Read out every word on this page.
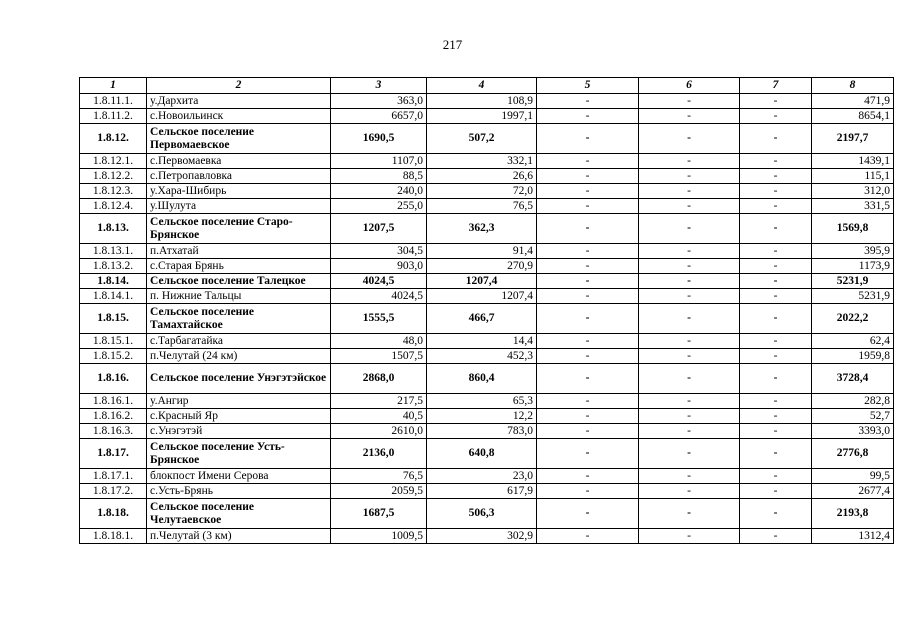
217
1	2	3	4	5	6	7	8
1.8.11.1.	у.Дархита	363,0	108,9	-	-	-	471,9
1.8.11.2.	с.Новоильинск	6657,0	1997,1	-	-	-	8654,1
1.8.12.	Сельское поселение Первомаевское	1690,5	507,2	-	-	-	2197,7
1.8.12.1.	с.Первомаевка	1107,0	332,1	-	-	-	1439,1
1.8.12.2.	с.Петропавловка	88,5	26,6	-	-	-	115,1
1.8.12.3.	у.Хара-Шибирь	240,0	72,0	-	-	-	312,0
1.8.12.4.	у.Шулута	255,0	76,5	-	-	-	331,5
1.8.13.	Сельское поселение Старо-Брянское	1207,5	362,3	-	-	-	1569,8
1.8.13.1.	п.Атхатай	304,5	91,4	-	-	-	395,9
1.8.13.2.	с.Старая Брянь	903,0	270,9	-	-	-	1173,9
1.8.14.	Сельское поселение Талецкое	4024,5	1207,4	-	-	-	5231,9
1.8.14.1.	п. Нижние Тальцы	4024,5	1207,4	-	-	-	5231,9
1.8.15.	Сельское поселение Тамахтайское	1555,5	466,7	-	-	-	2022,2
1.8.15.1.	с.Тарбагатайка	48,0	14,4	-	-	-	62,4
1.8.15.2.	п.Челутай (24 км)	1507,5	452,3	-	-	-	1959,8
1.8.16.	Сельское поселение Унэгэтэйское	2868,0	860,4	-	-	-	3728,4
1.8.16.1.	у.Ангир	217,5	65,3	-	-	-	282,8
1.8.16.2.	с.Красный Яр	40,5	12,2	-	-	-	52,7
1.8.16.3.	с.Унэгэтэй	2610,0	783,0	-	-	-	3393,0
1.8.17.	Сельское поселение Усть-Брянское	2136,0	640,8	-	-	-	2776,8
1.8.17.1.	блокпост Имени Серова	76,5	23,0	-	-	-	99,5
1.8.17.2.	с.Усть-Брянь	2059,5	617,9	-	-	-	2677,4
1.8.18.	Сельское поселение Челутаевское	1687,5	506,3	-	-	-	2193,8
1.8.18.1.	п.Челутай (3 км)	1009,5	302,9	-	-	-	1312,4
